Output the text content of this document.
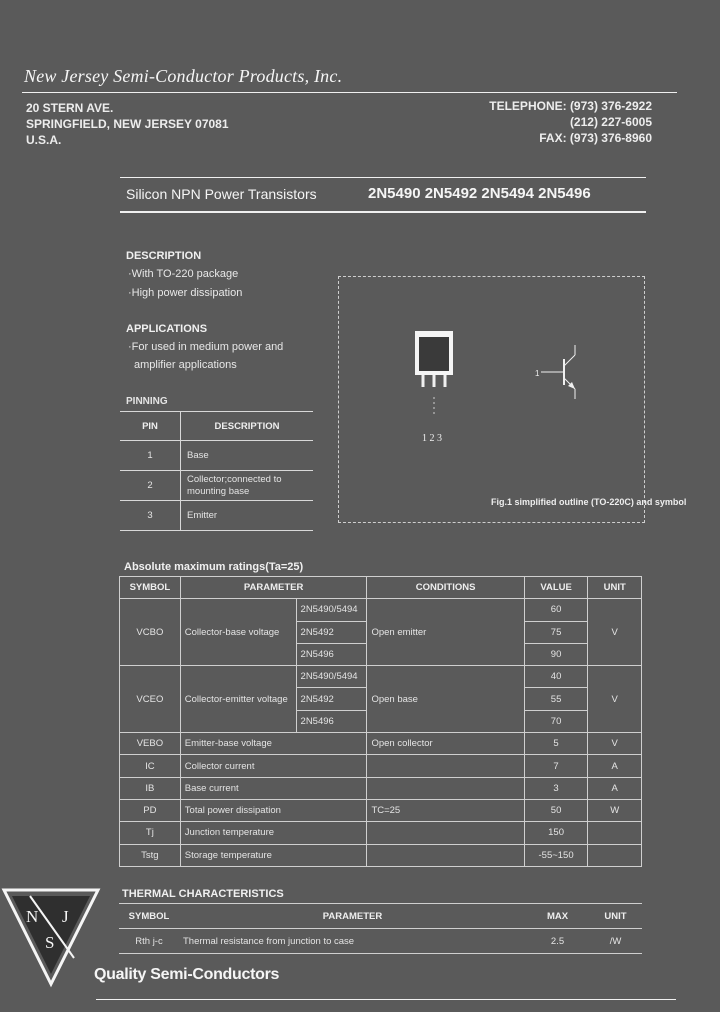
New Jersey Semi-Conductor Products, Inc.
20 STERN AVE.
SPRINGFIELD, NEW JERSEY 07081
U.S.A.
TELEPHONE: (973) 376-2922
(212) 227-6005
FAX: (973) 376-8960
Silicon NPN Power Transistors	2N5490 2N5492 2N5494 2N5496
DESCRIPTION
·With TO-220 package
·High power dissipation
APPLICATIONS
·For used in medium power and
amplifier applications
PINNING
PIN	DESCRIPTION
1	Base
2	Collector;connected to mounting base
3	Emitter
1 2 3
1
Fig.1 simplified outline (TO-220C) and symbol
Absolute maximum ratings(Ta=25)
SYMBOL	PARAMETER		CONDITIONS	VALUE	UNIT
VCBO	Collector-base voltage	2N5490/5494	Open emitter	60	V
		2N5492		75	
		2N5496		90	
VCEO	Collector-emitter voltage	2N5490/5494	Open base	40	V
		2N5492		55	
		2N5496		70	
VEBO	Emitter-base voltage		Open collector	5	V
IC	Collector current			7	A
IB	Base current			3	A
PD	Total power dissipation		TC=25	50	W
Tj	Junction temperature			150	
Tstg	Storage temperature			-55~150	
THERMAL CHARACTERISTICS
SYMBOL	PARAMETER	MAX	UNIT
Rth j-c	Thermal resistance from junction to case	2.5	/W
N J
S
Quality Semi-Conductors
